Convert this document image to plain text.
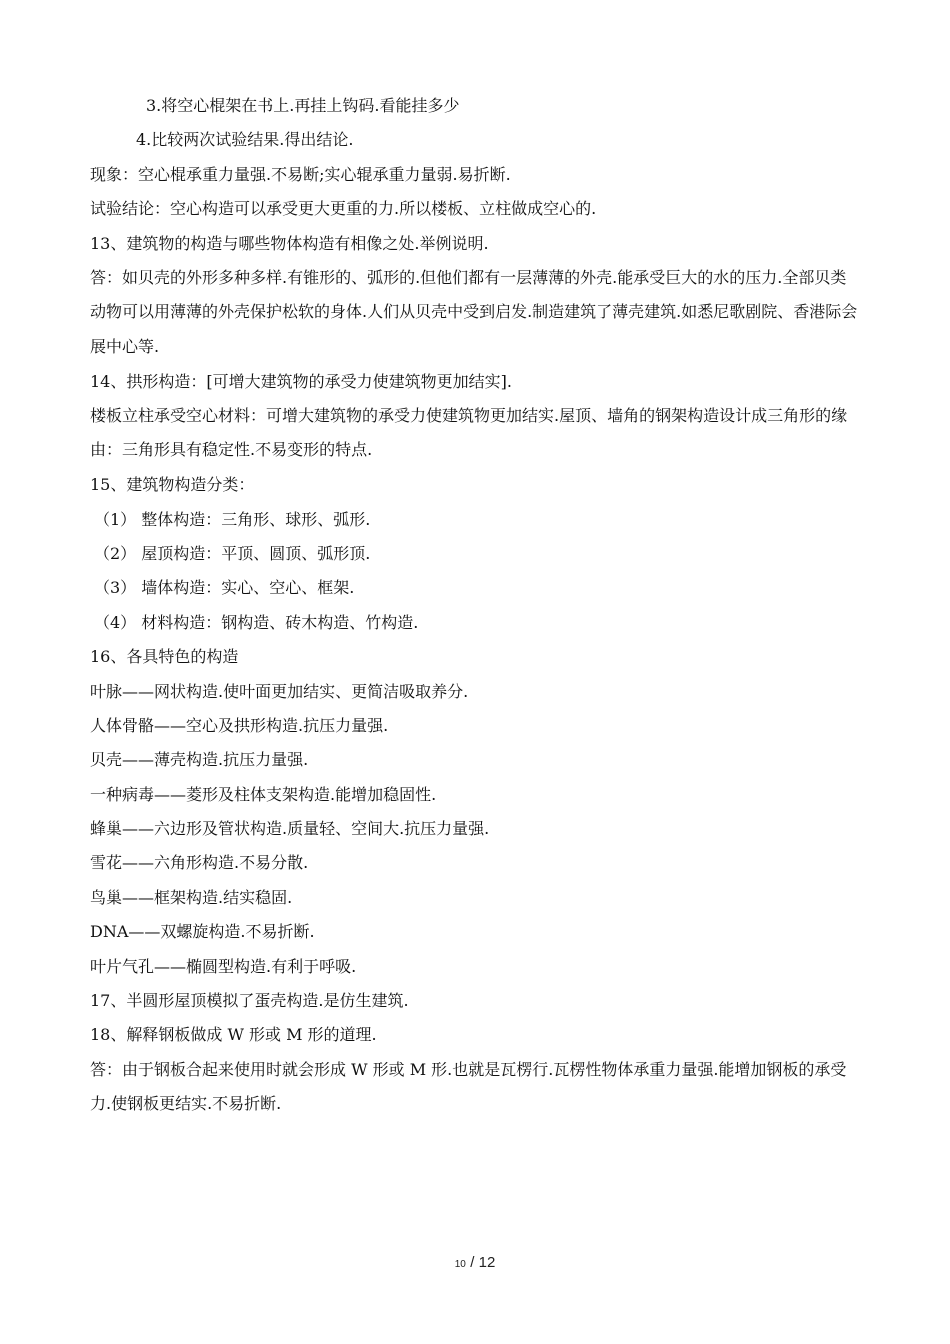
3.将空心棍架在书上.再挂上钩码.看能挂多少

4.比较两次试验结果.得出结论.

现象：空心棍承重力量强.不易断;实心辊承重力量弱.易折断.

试验结论：空心构造可以承受更大更重的力.所以楼板、立柱做成空心的.

13、建筑物的构造与哪些物体构造有相像之处.举例说明.

答：如贝壳的外形多种多样.有锥形的、弧形的.但他们都有一层薄薄的外壳.能承受巨大的水的压力.全部贝类动物可以用薄薄的外壳保护松软的身体.人们从贝壳中受到启发.制造建筑了薄壳建筑.如悉尼歌剧院、香港际会展中心等.

14、拱形构造：[可增大建筑物的承受力使建筑物更加结实].

楼板立柱承受空心材料：可增大建筑物的承受力使建筑物更加结实.屋顶、墙角的钢架构造设计成三角形的缘由：三角形具有稳定性.不易变形的特点.

15、建筑物构造分类：

（1） 整体构造：三角形、球形、弧形.

（2） 屋顶构造：平顶、圆顶、弧形顶.

（3） 墙体构造：实心、空心、框架.

（4） 材料构造：钢构造、砖木构造、竹构造.

16、各具特色的构造

叶脉——网状构造.使叶面更加结实、更简洁吸取养分.

人体骨骼——空心及拱形构造.抗压力量强.

贝壳——薄壳构造.抗压力量强.

一种病毒——菱形及柱体支架构造.能增加稳固性.

蜂巢——六边形及管状构造.质量轻、空间大.抗压力量强.

雪花——六角形构造.不易分散.

鸟巢——框架构造.结实稳固.

DNA——双螺旋构造.不易折断.

叶片气孔——椭圆型构造.有利于呼吸.

17、半圆形屋顶模拟了蛋壳构造.是仿生建筑.

18、解释钢板做成 W 形或 M 形的道理.

答：由于钢板合起来使用时就会形成 W 形或 M 形.也就是瓦楞行.瓦楞性物体承重力量强.能增加钢板的承受力.使钢板更结实.不易折断.

10 / 12
